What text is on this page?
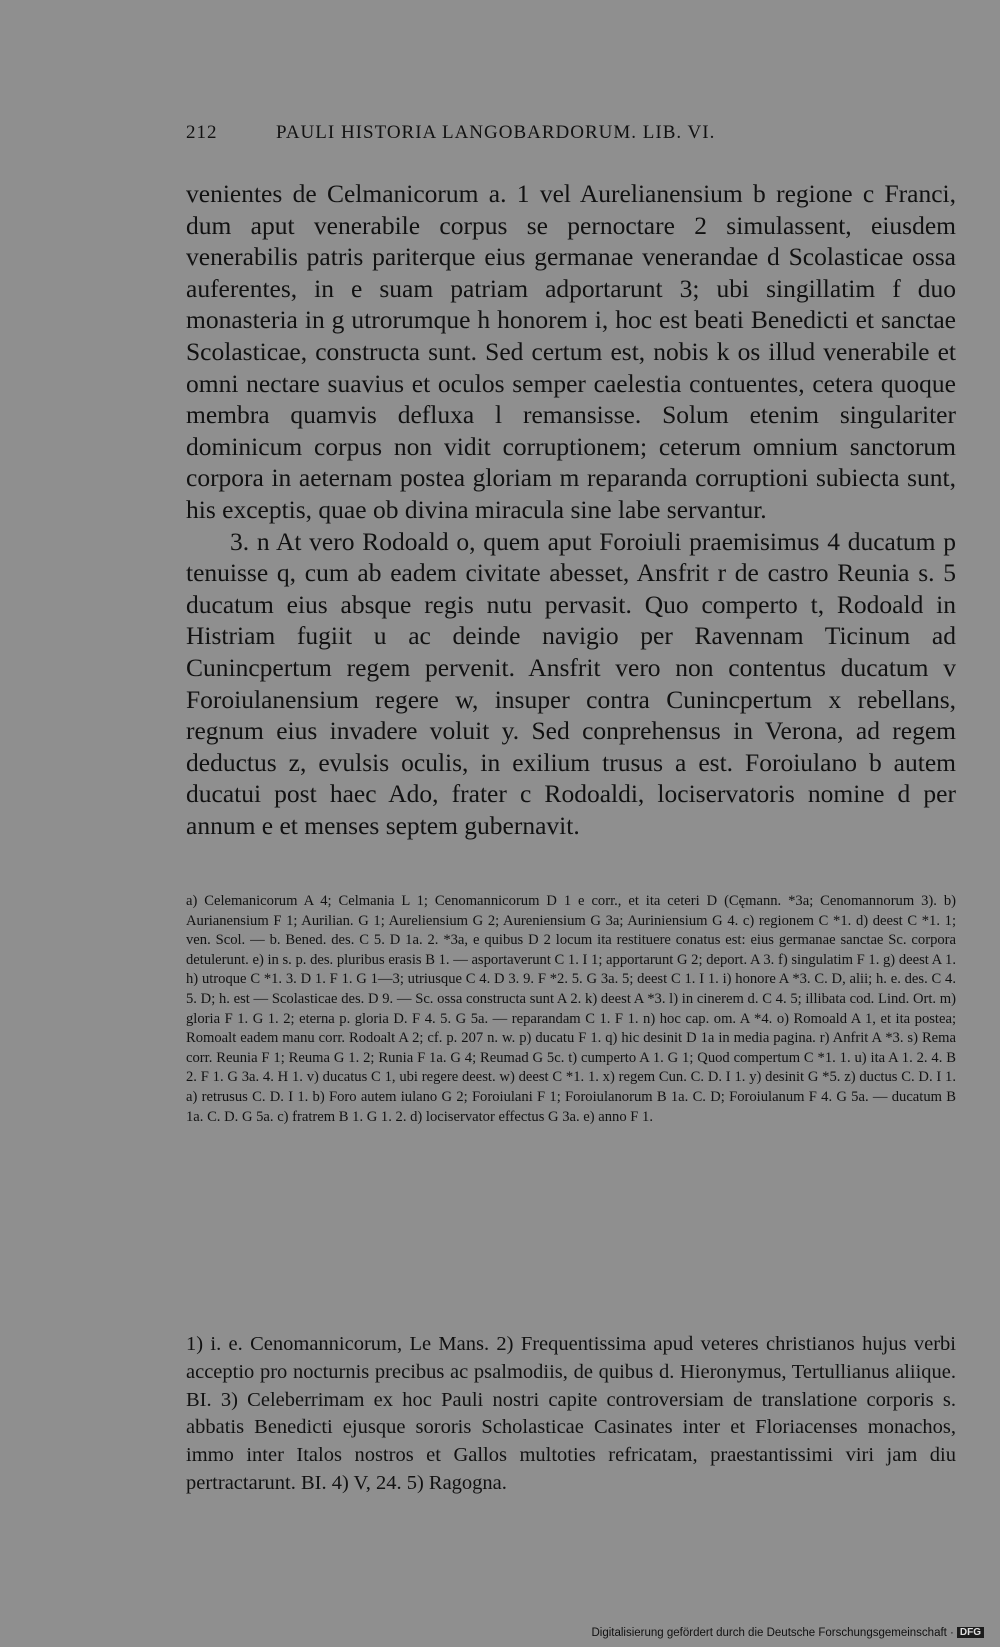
212	PAULI HISTORIA LANGOBARDORUM. LIB. VI.

venientes de Celmanicorum a. 1 vel Aurelianensium b regione c Franci, dum aput venerabile corpus se pernoctare 2 simulassent, eiusdem venerabilis patris pariterque eius germanae venerandae d Scolasticae ossa auferentes, in e suam patriam adportarunt 3; ubi singillatim f duo monasteria in g utrorumque h honorem i, hoc est beati Benedicti et sanctae Scolasticae, constructa sunt. Sed certum est, nobis k os illud venerabile et omni nectare suavius et oculos semper caelestia contuentes, cetera quoque membra quamvis defluxa l remansisse. Solum etenim singulariter dominicum corpus non vidit corruptionem; ceterum omnium sanctorum corpora in aeternam postea gloriam m reparanda corruptioni subiecta sunt, his exceptis, quae ob divina miracula sine labe servantur.

3. n At vero Rodoald o, quem aput Foroiuli praemisimus 4 ducatum p tenuisse q, cum ab eadem civitate abesset, Ansfrit r de castro Reunia s. 5 ducatum eius absque regis nutu pervasit. Quo comperto t, Rodoald in Histriam fugiit u ac deinde navigio per Ravennam Ticinum ad Cunincpertum regem pervenit. Ansfrit vero non contentus ducatum v Foroiulanensium regere w, insuper contra Cunincpertum x rebellans, regnum eius invadere voluit y. Sed conprehensus in Verona, ad regem deductus z, evulsis oculis, in exilium trusus a est. Foroiulano b autem ducatui post haec Ado, frater c Rodoaldi, lociservatoris nomine d per annum e et menses septem gubernavit.

a) Celemanicorum A 4; Celmania L 1; Cenomannicorum D 1 e corr., et ita ceteri D (Cęmann. *3a; Cenomannorum 3). b) Aurianensium F 1; Aurilian. G 1; Aureliensium G 2; Aureniensium G 3a; Auriniensium G 4. c) regionem C *1. d) deest C *1. 1; ven. Scol. — b. Bened. des. C 5. D 1a. 2. *3a, e quibus D 2 locum ita restituere conatus est: eius germanae sanctae Sc. corpora detulerunt. e) in s. p. des. pluribus erasis B 1. — asportaverunt C 1. I 1; apportarunt G 2; deport. A 3. f) singulatim F 1. g) deest A 1. h) utroque C *1. 3. D 1. F 1. G 1—3; utriusque C 4. D 3. 9. F *2. 5. G 3a. 5; deest C 1. I 1. i) honore A *3. C. D, alii; h. e. des. C 4. 5. D; h. est — Scolasticae des. D 9. — Sc. ossa constructa sunt A 2. k) deest A *3. l) in cinerem d. C 4. 5; illibata cod. Lind. Ort. m) gloria F 1. G 1. 2; eterna p. gloria D. F 4. 5. G 5a. — reparandam C 1. F 1. n) hoc cap. om. A *4. o) Romoald A 1, et ita postea; Romoalt eadem manu corr. Rodoalt A 2; cf. p. 207 n. w. p) ducatu F 1. q) hic desinit D 1a in media pagina. r) Anfrit A *3. s) Rema corr. Reunia F 1; Reuma G 1. 2; Runia F 1a. G 4; Reumad G 5c. t) cumperto A 1. G 1; Quod compertum C *1. 1. u) ita A 1. 2. 4. B 2. F 1. G 3a. 4. H 1. v) ducatus C 1, ubi regere deest. w) deest C *1. 1. x) regem Cun. C. D. I 1. y) desinit G *5. z) ductus C. D. I 1. a) retrusus C. D. I 1. b) Foro autem iulano G 2; Foroiulani F 1; Foroiulanorum B 1a. C. D; Foroiulanum F 4. G 5a. — ducatum B 1a. C. D. G 5a. c) fratrem B 1. G 1. 2. d) lociservator effectus G 3a. e) anno F 1.

1) i. e. Cenomannicorum, Le Mans. 2) Frequentissima apud veteres christianos hujus verbi acceptio pro nocturnis precibus ac psalmodiis, de quibus d. Hieronymus, Tertullianus aliique. BI. 3) Celeberrimam ex hoc Pauli nostri capite controversiam de translatione corporis s. abbatis Benedicti ejusque sororis Scholasticae Casinates inter et Floriacenses monachos, immo inter Italos nostros et Gallos multoties refricatam, praestantissimi viri jam diu pertractarunt. BI. 4) V, 24. 5) Ragogna.

Digitalisierung gefördert durch die Deutsche Forschungsgemeinschaft · DFG
